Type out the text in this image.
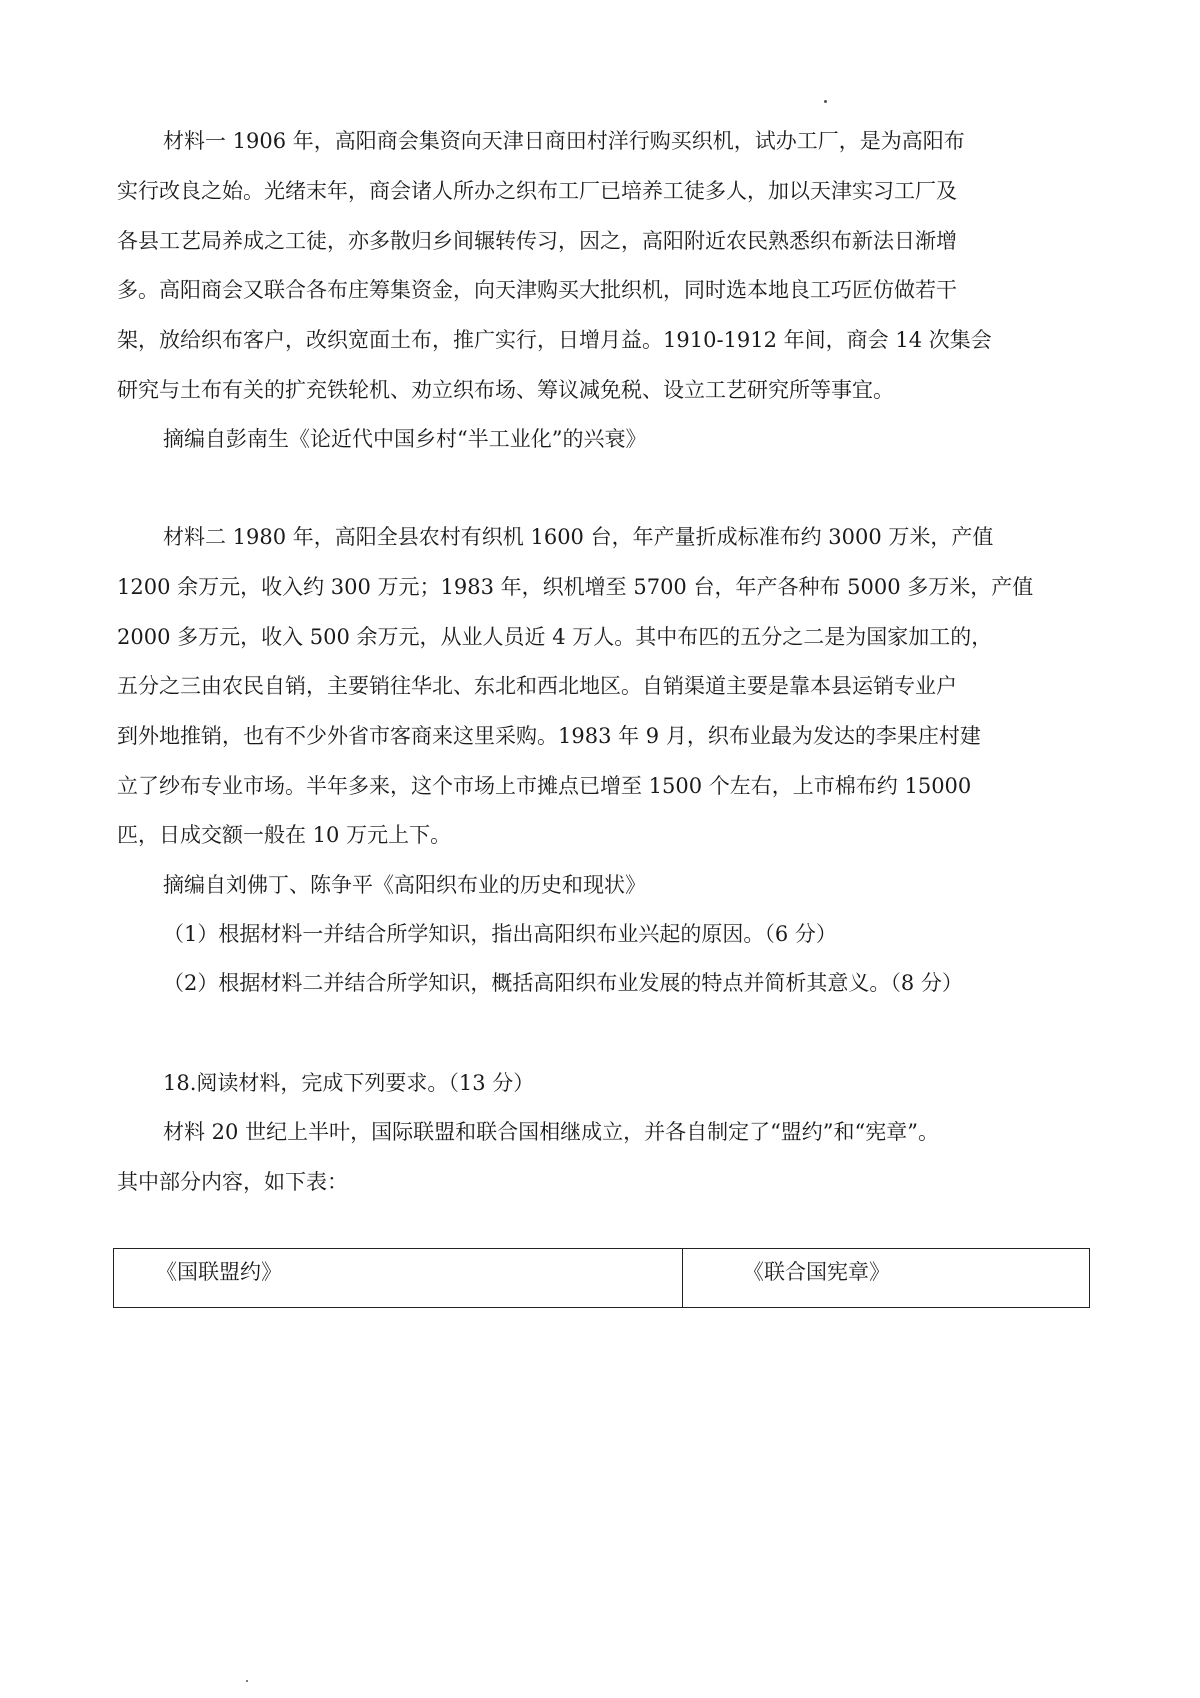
材料一 1906 年，高阳商会集资向天津日商田村洋行购买织机，试办工厂，是为高阳布
实行改良之始。光绪末年，商会诸人所办之织布工厂已培养工徒多人，加以天津实习工厂及
各县工艺局养成之工徒，亦多散归乡间辗转传习，因之，高阳附近农民熟悉织布新法日渐增
多。高阳商会又联合各布庄筹集资金，向天津购买大批织机，同时选本地良工巧匠仿做若干
架，放给织布客户，改织宽面土布，推广实行，日增月益。1910-1912 年间，商会 14 次集会
研究与土布有关的扩充铁轮机、劝立织布场、筹议减免税、设立工艺研究所等事宜。
摘编自彭南生《论近代中国乡村“半工业化”的兴衰》
材料二 1980 年，高阳全县农村有织机 1600 台，年产量折成标准布约 3000 万米，产值
1200 余万元，收入约 300 万元；1983 年，织机增至 5700 台，年产各种布 5000 多万米，产值
2000 多万元，收入 500 余万元，从业人员近 4 万人。其中布匹的五分之二是为国家加工的，
五分之三由农民自销，主要销往华北、东北和西北地区。自销渠道主要是靠本县运销专业户
到外地推销，也有不少外省市客商来这里采购。1983 年 9 月，织布业最为发达的李果庄村建
立了纱布专业市场。半年多来，这个市场上市摊点已增至 1500 个左右，上市棉布约 15000
匹，日成交额一般在 10 万元上下。
摘编自刘佛丁、陈争平《高阳织布业的历史和现状》
（1）根据材料一并结合所学知识，指出高阳织布业兴起的原因。（6 分）
（2）根据材料二并结合所学知识，概括高阳织布业发展的特点并简析其意义。（8 分）
18.阅读材料，完成下列要求。（13 分）
材料 20 世纪上半叶，国际联盟和联合国相继成立，并各自制定了“盟约”和“宪章”。
其中部分内容，如下表：
《国联盟约》	《联合国宪章》
